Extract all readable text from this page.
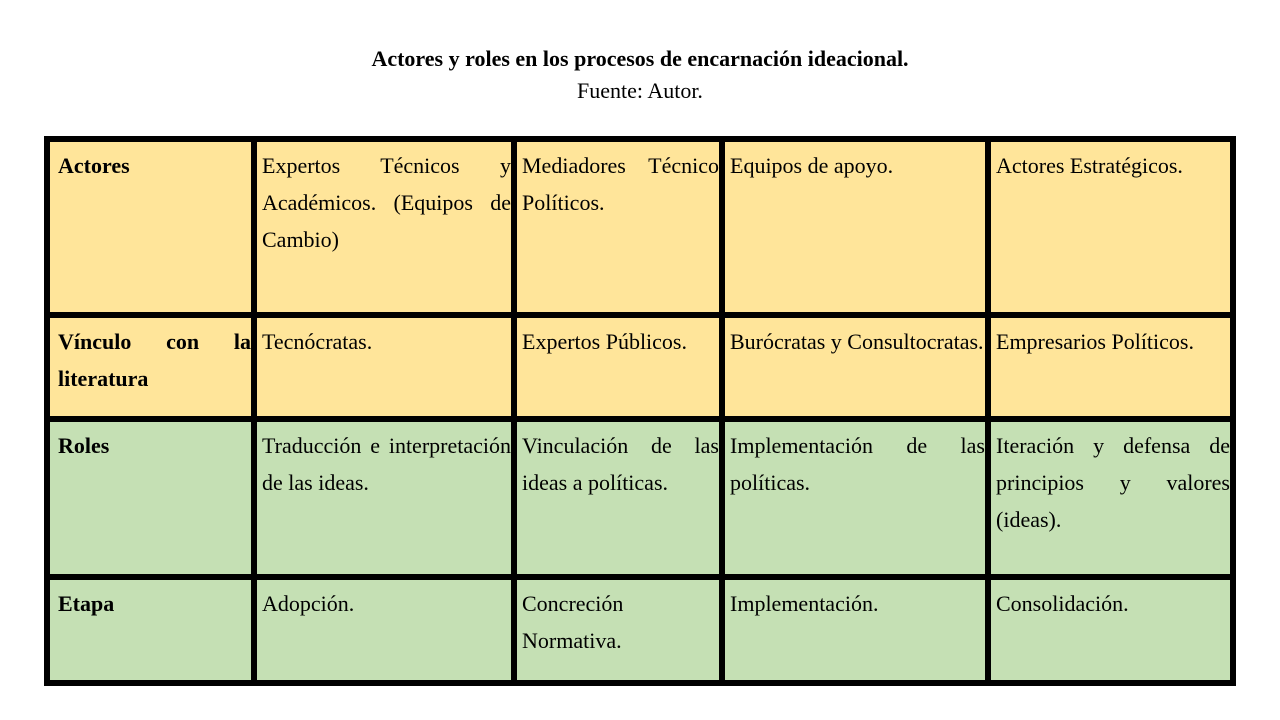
Actores y roles en los procesos de encarnación ideacional.
Fuente: Autor.
Actores	Expertos Técnicos y Académicos. (Equipos de Cambio)	Mediadores Técnico Políticos.	Equipos de apoyo.	Actores Estratégicos.
Vínculo con la literatura	Tecnócratas.	Expertos Públicos.	Burócratas y Consultocratas.	Empresarios Políticos.
Roles	Traducción e interpretación de las ideas.	Vinculación de las ideas a políticas.	Implementación de las políticas.	Iteración y defensa de principios y valores (ideas).
Etapa	Adopción.	Concreción Normativa.	Implementación.	Consolidación.
